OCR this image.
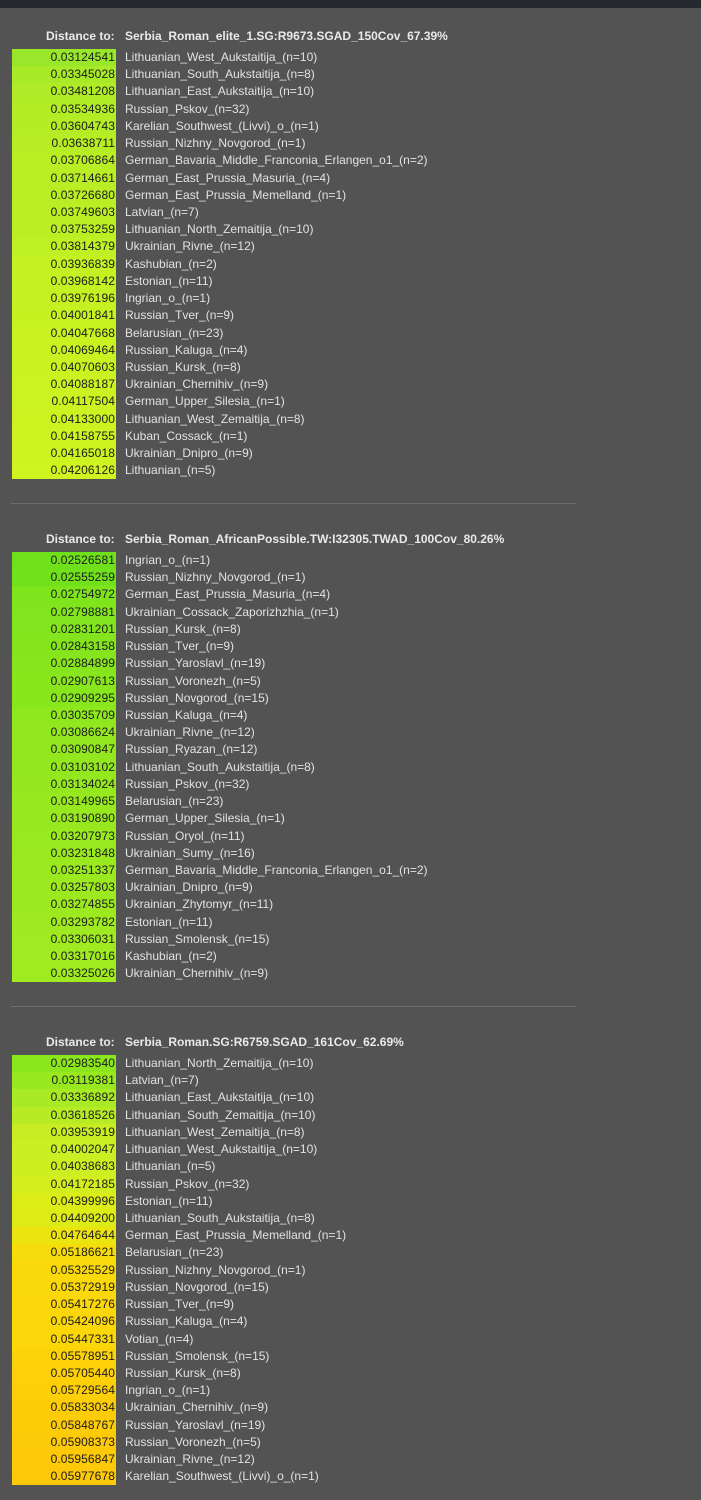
Distance to: Serbia_Roman_elite_1.SG:R9673.SGAD_150Cov_67.39%
0.03124541 Lithuanian_West_Aukstaitija_(n=10)
0.03345028 Lithuanian_South_Aukstaitija_(n=8)
0.03481208 Lithuanian_East_Aukstaitija_(n=10)
0.03534936 Russian_Pskov_(n=32)
0.03604743 Karelian_Southwest_(Livvi)_o_(n=1)
0.03638711 Russian_Nizhny_Novgorod_(n=1)
0.03706864 German_Bavaria_Middle_Franconia_Erlangen_o1_(n=2)
0.03714661 German_East_Prussia_Masuria_(n=4)
0.03726680 German_East_Prussia_Memelland_(n=1)
0.03749603 Latvian_(n=7)
0.03753259 Lithuanian_North_Zemaitija_(n=10)
0.03814379 Ukrainian_Rivne_(n=12)
0.03936839 Kashubian_(n=2)
0.03968142 Estonian_(n=11)
0.03976196 Ingrian_o_(n=1)
0.04001841 Russian_Tver_(n=9)
0.04047668 Belarusian_(n=23)
0.04069464 Russian_Kaluga_(n=4)
0.04070603 Russian_Kursk_(n=8)
0.04088187 Ukrainian_Chernihiv_(n=9)
0.04117504 German_Upper_Silesia_(n=1)
0.04133000 Lithuanian_West_Zemaitija_(n=8)
0.04158755 Kuban_Cossack_(n=1)
0.04165018 Ukrainian_Dnipro_(n=9)
0.04206126 Lithuanian_(n=5)
Distance to: Serbia_Roman_AfricanPossible.TW:I32305.TWAD_100Cov_80.26%
0.02526581 Ingrian_o_(n=1)
0.02555259 Russian_Nizhny_Novgorod_(n=1)
0.02754972 German_East_Prussia_Masuria_(n=4)
0.02798881 Ukrainian_Cossack_Zaporizhzhia_(n=1)
0.02831201 Russian_Kursk_(n=8)
0.02843158 Russian_Tver_(n=9)
0.02884899 Russian_Yaroslavl_(n=19)
0.02907613 Russian_Voronezh_(n=5)
0.02909295 Russian_Novgorod_(n=15)
0.03035709 Russian_Kaluga_(n=4)
0.03086624 Ukrainian_Rivne_(n=12)
0.03090847 Russian_Ryazan_(n=12)
0.03103102 Lithuanian_South_Aukstaitija_(n=8)
0.03134024 Russian_Pskov_(n=32)
0.03149965 Belarusian_(n=23)
0.03190890 German_Upper_Silesia_(n=1)
0.03207973 Russian_Oryol_(n=11)
0.03231848 Ukrainian_Sumy_(n=16)
0.03251337 German_Bavaria_Middle_Franconia_Erlangen_o1_(n=2)
0.03257803 Ukrainian_Dnipro_(n=9)
0.03274855 Ukrainian_Zhytomyr_(n=11)
0.03293782 Estonian_(n=11)
0.03306031 Russian_Smolensk_(n=15)
0.03317016 Kashubian_(n=2)
0.03325026 Ukrainian_Chernihiv_(n=9)
Distance to: Serbia_Roman.SG:R6759.SGAD_161Cov_62.69%
0.02983540 Lithuanian_North_Zemaitija_(n=10)
0.03119381 Latvian_(n=7)
0.03336892 Lithuanian_East_Aukstaitija_(n=10)
0.03618526 Lithuanian_South_Zemaitija_(n=10)
0.03953919 Lithuanian_West_Zemaitija_(n=8)
0.04002047 Lithuanian_West_Aukstaitija_(n=10)
0.04038683 Lithuanian_(n=5)
0.04172185 Russian_Pskov_(n=32)
0.04399996 Estonian_(n=11)
0.04409200 Lithuanian_South_Aukstaitija_(n=8)
0.04764644 German_East_Prussia_Memelland_(n=1)
0.05186621 Belarusian_(n=23)
0.05325529 Russian_Nizhny_Novgorod_(n=1)
0.05372919 Russian_Novgorod_(n=15)
0.05417276 Russian_Tver_(n=9)
0.05424096 Russian_Kaluga_(n=4)
0.05447331 Votian_(n=4)
0.05578951 Russian_Smolensk_(n=15)
0.05705440 Russian_Kursk_(n=8)
0.05729564 Ingrian_o_(n=1)
0.05833034 Ukrainian_Chernihiv_(n=9)
0.05848767 Russian_Yaroslavl_(n=19)
0.05908373 Russian_Voronezh_(n=5)
0.05956847 Ukrainian_Rivne_(n=12)
0.05977678 Karelian_Southwest_(Livvi)_o_(n=1)
